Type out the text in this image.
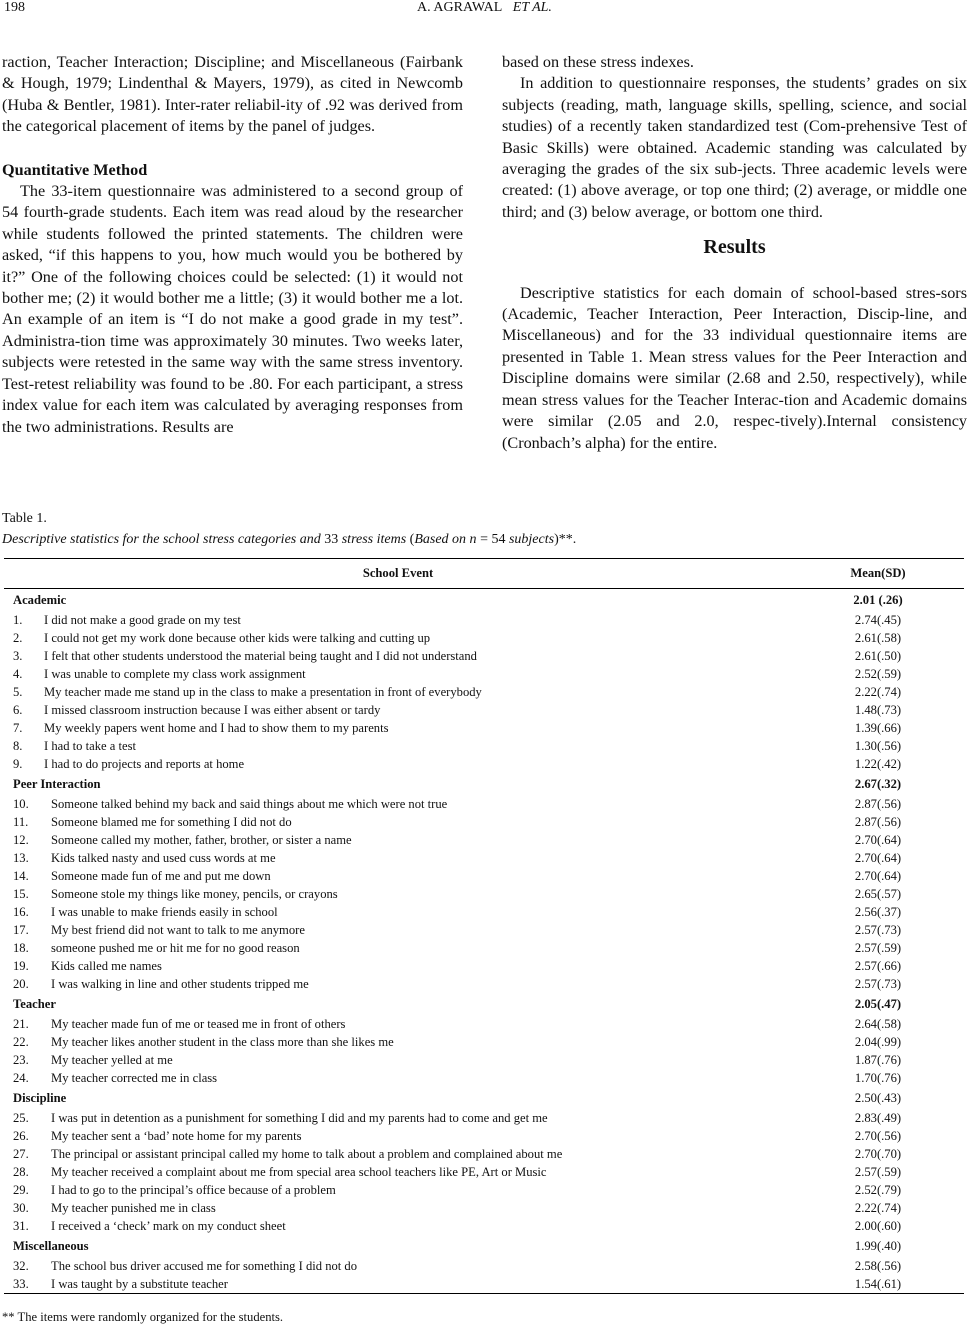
198	A. AGRAWAL ET AL.

raction, Teacher Interaction; Discipline; and Miscellaneous (Fairbank & Hough, 1979; Lindenthal & Mayers, 1979), as cited in Newcomb (Huba & Bentler, 1981). Inter-rater reliabil-ity of .92 was derived from the categorical placement of items by the panel of judges.

Quantitative Method

The 33-item questionnaire was administered to a second group of 54 fourth-grade students. Each item was read aloud by the researcher while students followed the printed statements. The children were asked, “if this happens to you, how much would you be bothered by it?” One of the following choices could be selected: (1) it would not bother me; (2) it would bother me a little; (3) it would bother me a lot. An example of an item is “I do not make a good grade in my test”. Administra-tion time was approximately 30 minutes. Two weeks later, subjects were retested in the same way with the same stress inventory. Test-retest reliability was found to be .80. For each participant, a stress index value for each item was calculated by averaging responses from the two administrations. Results are

based on these stress indexes.

In addition to questionnaire responses, the students’ grades on six subjects (reading, math, language skills, spelling, science, and social studies) of a recently taken standardized test (Com-prehensive Test of Basic Skills) were obtained. Academic standing was calculated by averaging the grades of the six sub-jects. Three academic levels were created: (1) above average, or top one third; (2) average, or middle one third; and (3) below average, or bottom one third.

Results

Descriptive statistics for each domain of school-based stres-sors (Academic, Teacher Interaction, Peer Interaction, Discip-line, and Miscellaneous) and for the 33 individual questionnaire items are presented in Table 1. Mean stress values for the Peer Interaction and Discipline domains were similar (2.68 and 2.50, respectively), while mean stress values for the Teacher Interac-tion and Academic domains were similar (2.05 and 2.0, respec-tively).Internal consistency (Cronbach’s alpha) for the entire.

Table 1.
Descriptive statistics for the school stress categories and 33 stress items (Based on n = 54 subjects)**.
School Event	Mean(SD)
Academic	2.01 (.26)
1. I did not make a good grade on my test	2.74(.45)
2. I could not get my work done because other kids were talking and cutting up	2.61(.58)
3. I felt that other students understood the material being taught and I did not understand	2.61(.50)
4. I was unable to complete my class work assignment	2.52(.59)
5. My teacher made me stand up in the class to make a presentation in front of everybody	2.22(.74)
6. I missed classroom instruction because I was either absent or tardy	1.48(.73)
7. My weekly papers went home and I had to show them to my parents	1.39(.66)
8. I had to take a test	1.30(.56)
9. I had to do projects and reports at home	1.22(.42)
Peer Interaction	2.67(.32)
10. Someone talked behind my back and said things about me which were not true	2.87(.56)
11. Someone blamed me for something I did not do	2.87(.56)
12. Someone called my mother, father, brother, or sister a name	2.70(.64)
13. Kids talked nasty and used cuss words at me	2.70(.64)
14. Someone made fun of me and put me down	2.70(.64)
15. Someone stole my things like money, pencils, or crayons	2.65(.57)
16. I was unable to make friends easily in school	2.56(.37)
17. My best friend did not want to talk to me anymore	2.57(.73)
18. someone pushed me or hit me for no good reason	2.57(.59)
19. Kids called me names	2.57(.66)
20. I was walking in line and other students tripped me	2.57(.73)
Teacher	2.05(.47)
21. My teacher made fun of me or teased me in front of others	2.64(.58)
22. My teacher likes another student in the class more than she likes me	2.04(.99)
23. My teacher yelled at me	1.87(.76)
24. My teacher corrected me in class	1.70(.76)
Discipline	2.50(.43)
25. I was put in detention as a punishment for something I did and my parents had to come and get me	2.83(.49)
26. My teacher sent a ‘bad’ note home for my parents	2.70(.56)
27. The principal or assistant principal called my home to talk about a problem and complained about me	2.70(.70)
28. My teacher received a complaint about me from special area school teachers like PE, Art or Music	2.57(.59)
29. I had to go to the principal’s office because of a problem	2.52(.79)
30. My teacher punished me in class	2.22(.74)
31. I received a ‘check’ mark on my conduct sheet	2.00(.60)
Miscellaneous	1.99(.40)
32. The school bus driver accused me for something I did not do	2.58(.56)
33. I was taught by a substitute teacher	1.54(.61)
** The items were randomly organized for the students.
